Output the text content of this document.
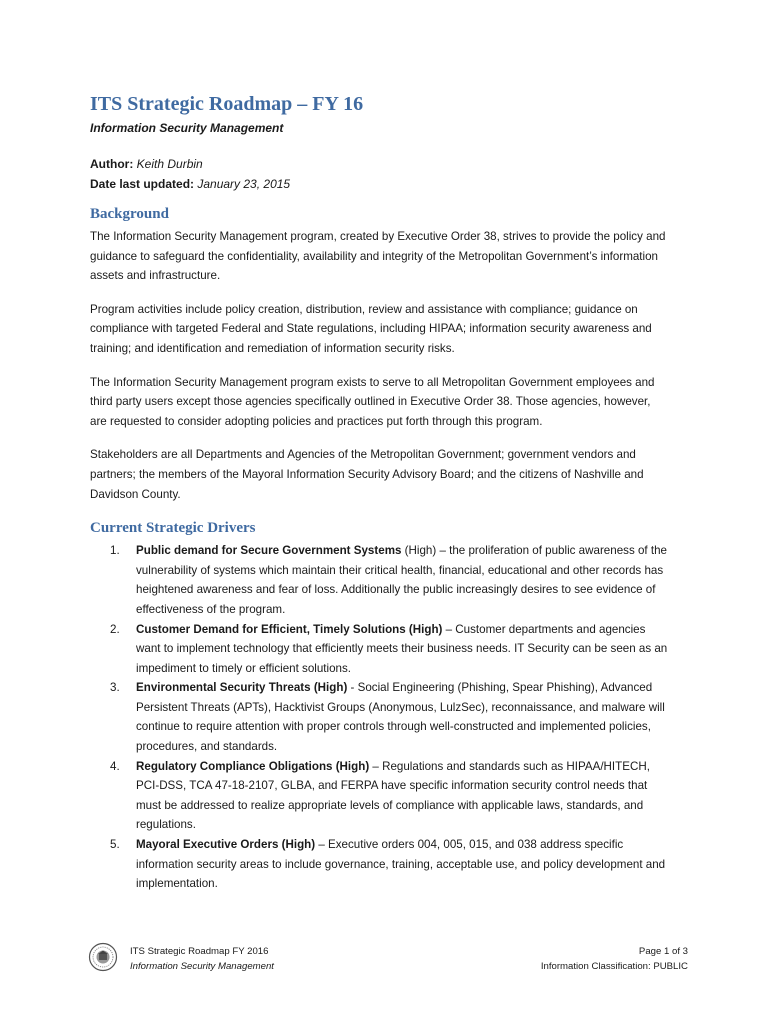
ITS Strategic Roadmap – FY 16
Information Security Management

Author: Keith Durbin

Date last updated: January 23, 2015

Background

The Information Security Management program, created by Executive Order 38, strives to provide the policy and guidance to safeguard the confidentiality, availability and integrity of the Metropolitan Government’s information assets and infrastructure.

Program activities include policy creation, distribution, review and assistance with compliance; guidance on compliance with targeted Federal and State regulations, including HIPAA; information security awareness and training; and identification and remediation of information security risks.

The Information Security Management program exists to serve to all Metropolitan Government employees and third party users except those agencies specifically outlined in Executive Order 38. Those agencies, however, are requested to consider adopting policies and practices put forth through this program.

Stakeholders are all Departments and Agencies of the Metropolitan Government; government vendors and partners; the members of the Mayoral Information Security Advisory Board; and the citizens of Nashville and Davidson County.

Current Strategic Drivers
1. Public demand for Secure Government Systems (High) – the proliferation of public awareness of the vulnerability of systems which maintain their critical health, financial, educational and other records has heightened awareness and fear of loss. Additionally the public increasingly desires to see evidence of effectiveness of the program.
2. Customer Demand for Efficient, Timely Solutions (High) – Customer departments and agencies want to implement technology that efficiently meets their business needs. IT Security can be seen as an impediment to timely or efficient solutions.
3. Environmental Security Threats (High) - Social Engineering (Phishing, Spear Phishing), Advanced Persistent Threats (APTs), Hacktivist Groups (Anonymous, LulzSec), reconnaissance, and malware will continue to require attention with proper controls through well-constructed and implemented policies, procedures, and standards.
4. Regulatory Compliance Obligations (High) – Regulations and standards such as HIPAA/HITECH, PCI-DSS, TCA 47-18-2107, GLBA, and FERPA have specific information security control needs that must be addressed to realize appropriate levels of compliance with applicable laws, standards, and regulations.
5. Mayoral Executive Orders (High) – Executive orders 004, 005, 015, and 038 address specific information security areas to include governance, training, acceptable use, and policy development and implementation.
ITS Strategic Roadmap FY 2016
Information Security Management
Page 1 of 3
Information Classification: PUBLIC
